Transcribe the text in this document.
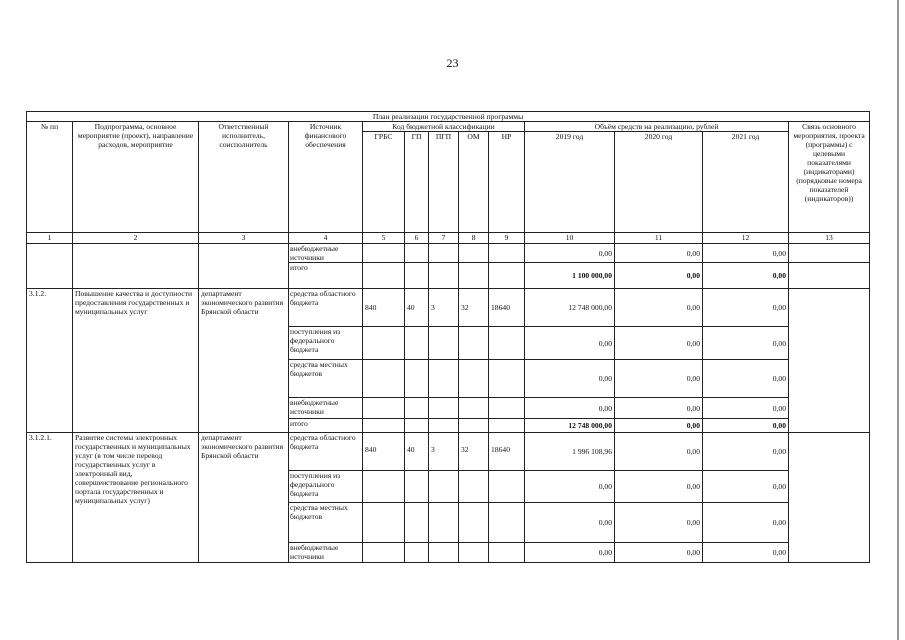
23
План реализации государственной программы												
№ пп	Подпрограмма, основное мероприятие (проект), направление расходов, мероприятие	Ответственный исполнитель, соисполнитель	Источник финансового обеспечения	Код бюджетной классификации					Объём средств на реализацию, рублей			Связь основного мероприятия, проекта (программы) с целевыми показателями (индикаторами) (порядковые номера показателей (индикаторов))
				ГРБС	ГП	ПГП	ОМ	НР	2019 год	2020 год	2021 год	
1	2	3	4	5	6	7	8	9	10	11	12	13
			внебюджетные источники						0,00	0,00	0,00	
			итого						1 100 000,00	0,00	0,00	
3.1.2.	Повышение качества и доступности предоставления государственных и муниципальных услуг	департамент экономического развития Брянской области	средства областного бюджета	840	40	3	32	18640	12 748 000,00	0,00	0,00	
			поступления из федерального бюджета						0,00	0,00	0,00	
			средства местных бюджетов						0,00	0,00	0,00	
			внебюджетные источники						0,00	0,00	0,00	
			итого						12 748 000,00	0,00	0,00	
3.1.2.1.	Развитие системы электронных государственных и муниципальных услуг (в том числе перевод государственных услуг в электронный вид, совершенствование регионального портала государственных и муниципальных услуг)	департамент экономического развития Брянской области	средства областного бюджета	840	40	3	32	18640	1 996 108,96	0,00	0,00	
			поступления из федерального бюджета						0,00	0,00	0,00	
			средства местных бюджетов						0,00	0,00	0,00	
			внебюджетные источники						0,00	0,00	0,00	
